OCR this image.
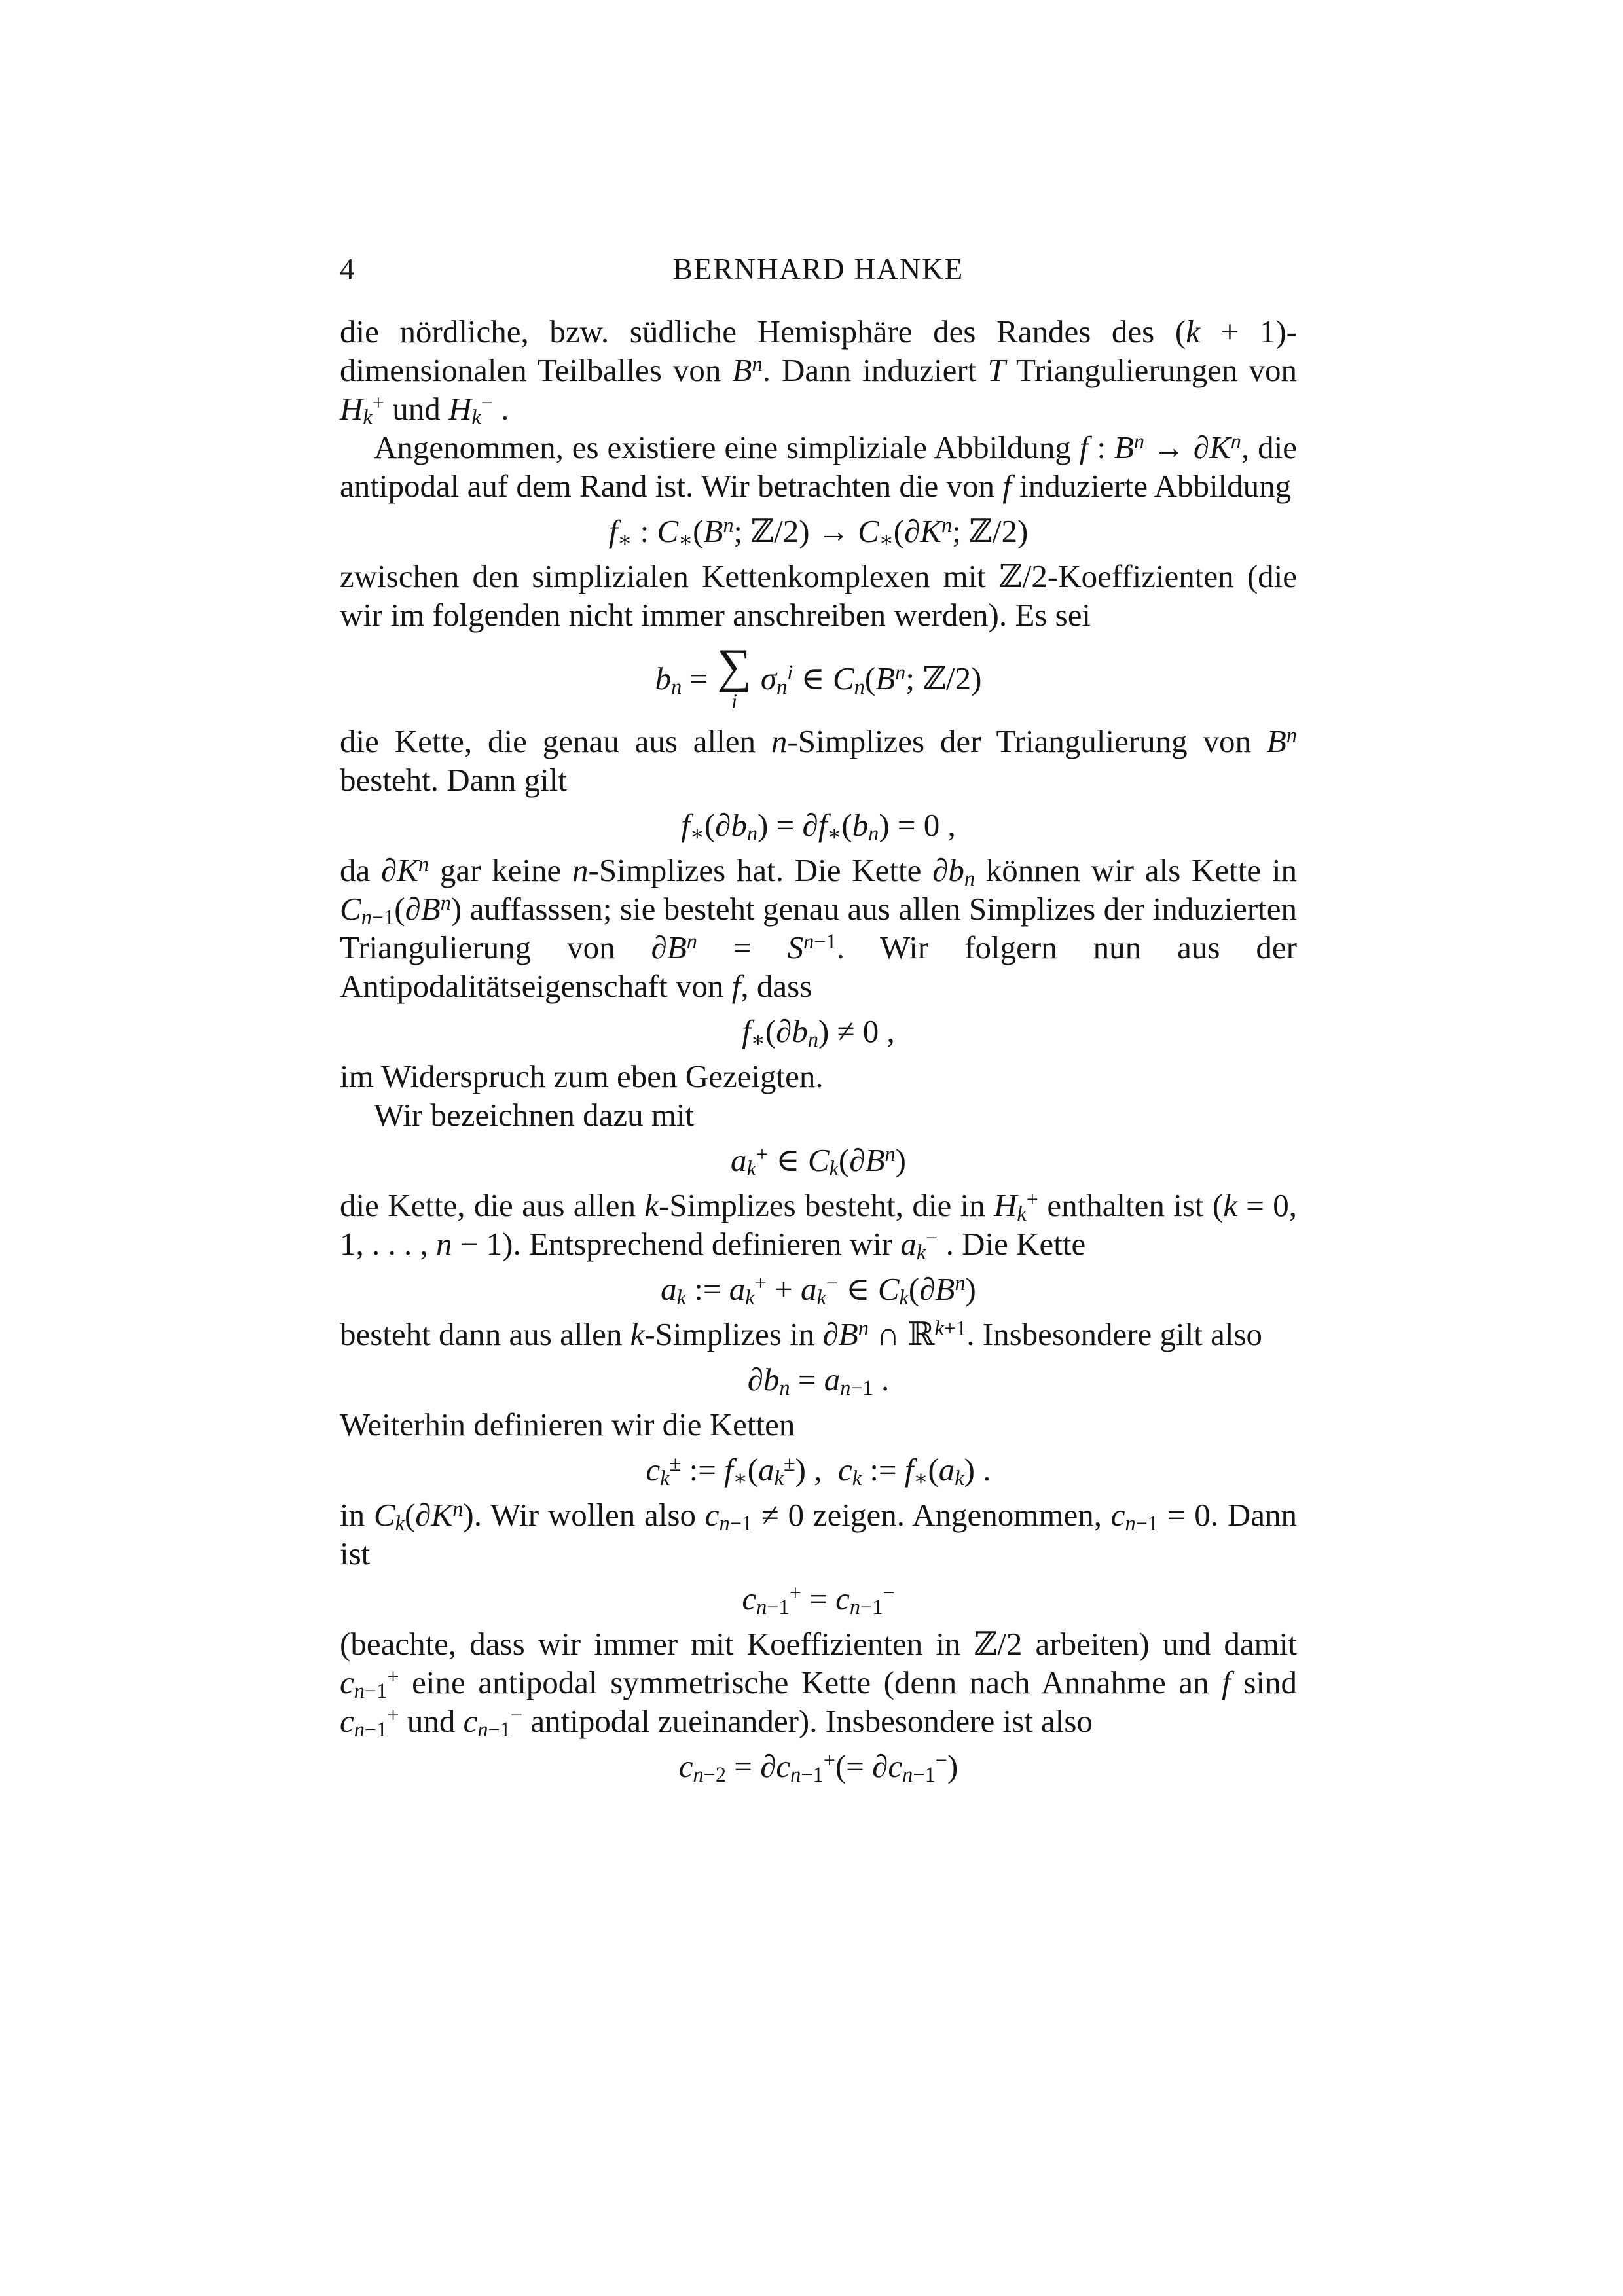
4	BERNHARD HANKE

die nördliche, bzw. südliche Hemisphäre des Randes des (k + 1)-dimensionalen Teilballes von $B^n$. Dann induziert T Triangulierungen von $H_k^+$ und $H_k^-$ .

Angenommen, es existiere eine simpliziale Abbildung f : $B^n \to \partial K^n$, die antipodal auf dem Rand ist. Wir betrachten die von f induzierte Abbildung

$f_∗$ : $C_∗(B^n$; ℤ/2) → $C_∗(\partial K^n$; ℤ/2)

zwischen den simplizialen Kettenkomplexen mit ℤ/2-Koeffizienten (die wir im folgenden nicht immer anschreiben werden). Es sei

$b_n$ = ∑
i
$\sigma_n^i$ ∈ $C_n(B^n$; ℤ/2)

die Kette, die genau aus allen n-Simplizes der Triangulierung von $B^n$ besteht. Dann gilt

$f_∗(\partial b_n) = \partial f_∗(b_n) = 0$ ,

da $\partial K^n$ gar keine n-Simplizes hat. Die Kette $\partial b_n$ können wir als Kette in $C_{n-1}(\partial B^n)$ auffasssen; sie besteht genau aus allen Simplizes der induzierten Triangulierung von $\partial B^n = S^{n-1}$. Wir folgern nun aus der Antipodalitätseigenschaft von f, dass

$f_∗(\partial b_n) \ne 0$ ,

im Widerspruch zum eben Gezeigten.

Wir bezeichnen dazu mit

$a_k^+$ ∈ $C_k(\partial B^n)$

die Kette, die aus allen k-Simplizes besteht, die in $H_k^+$ enthalten ist (k = 0, 1, . . . , n − 1). Entsprechend definieren wir $a_k^-$ . Die Kette

$a_k$ := $a_k^+ + a_k^-$ ∈ $C_k(\partial B^n)$

besteht dann aus allen k-Simplizes in $\partial B^n$ ∩ ℝ$^{k+1}$. Insbesondere gilt also

$\partial b_n = a_{n-1}$ .

Weiterhin definieren wir die Ketten

$c_k^\pm$ := $f_∗(a_k^\pm)$ ,  $c_k$ := $f_∗(a_k)$ .

in $C_k(\partial K^n)$. Wir wollen also $c_{n-1} \ne 0$ zeigen. Angenommen, $c_{n-1} = 0$. Dann ist

$c_{n-1}^+ = c_{n-1}^-$

(beachte, dass wir immer mit Koeffizienten in ℤ/2 arbeiten) und damit $c_{n-1}^+$ eine antipodal symmetrische Kette (denn nach Annahme an f sind $c_{n-1}^+$ und $c_{n-1}^-$ antipodal zueinander). Insbesondere ist also

$c_{n-2} = \partial c_{n-1}^+(= \partial c_{n-1}^-)$
